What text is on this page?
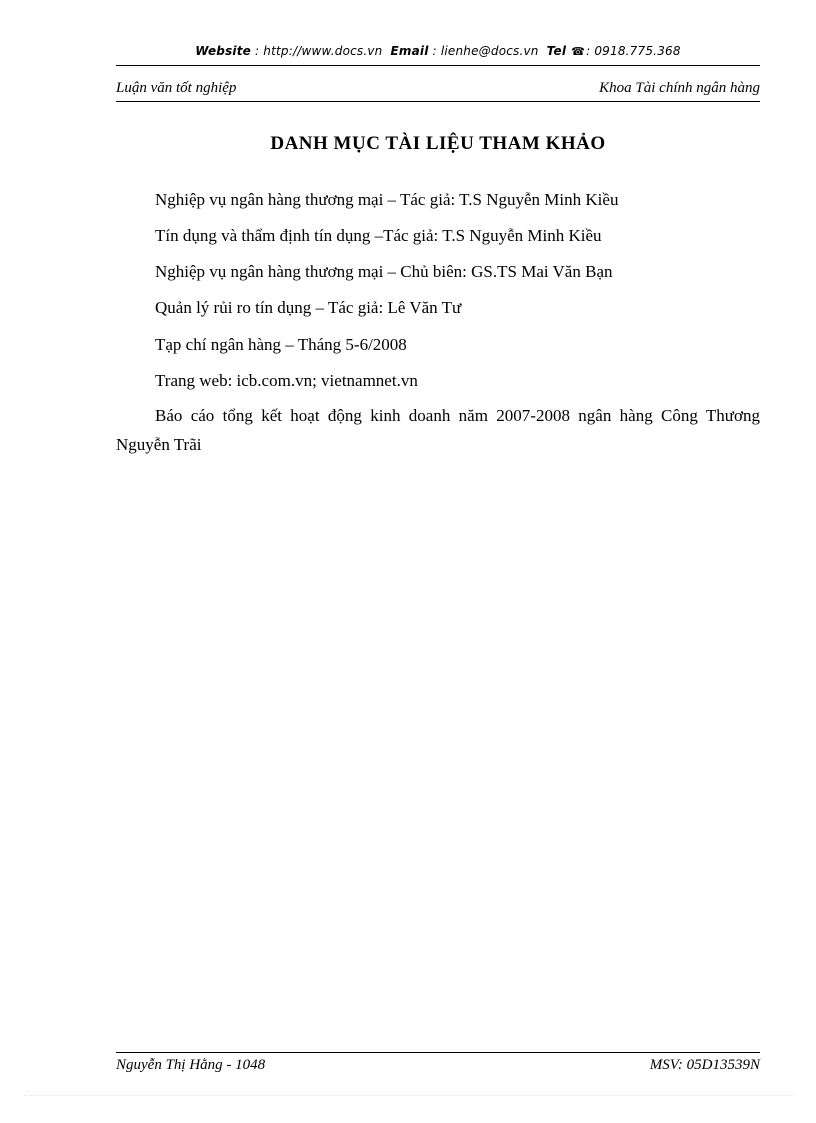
Website : http://www.docs.vn Email : lienhe@docs.vn Tel ☎: 0918.775.368
Luận văn tốt nghiệp	Khoa Tài chính ngân hàng
DANH MỤC TÀI LIỆU THAM KHẢO
Nghiệp vụ ngân hàng thương mại – Tác giả: T.S Nguyễn Minh Kiều
Tín dụng và thẩm định tín dụng –Tác giả: T.S Nguyễn Minh Kiều
Nghiệp vụ ngân hàng thương mại – Chủ biên: GS.TS Mai Văn Bạn
Quản lý rủi ro tín dụng – Tác giả: Lê Văn Tư
Tạp chí ngân hàng – Tháng 5-6/2008
Trang web: icb.com.vn; vietnamnet.vn
Báo cáo tổng kết hoạt động kinh doanh năm 2007-2008 ngân hàng Công Thương Nguyễn Trãi
Nguyễn Thị Hằng - 1048	MSV: 05D13539N
